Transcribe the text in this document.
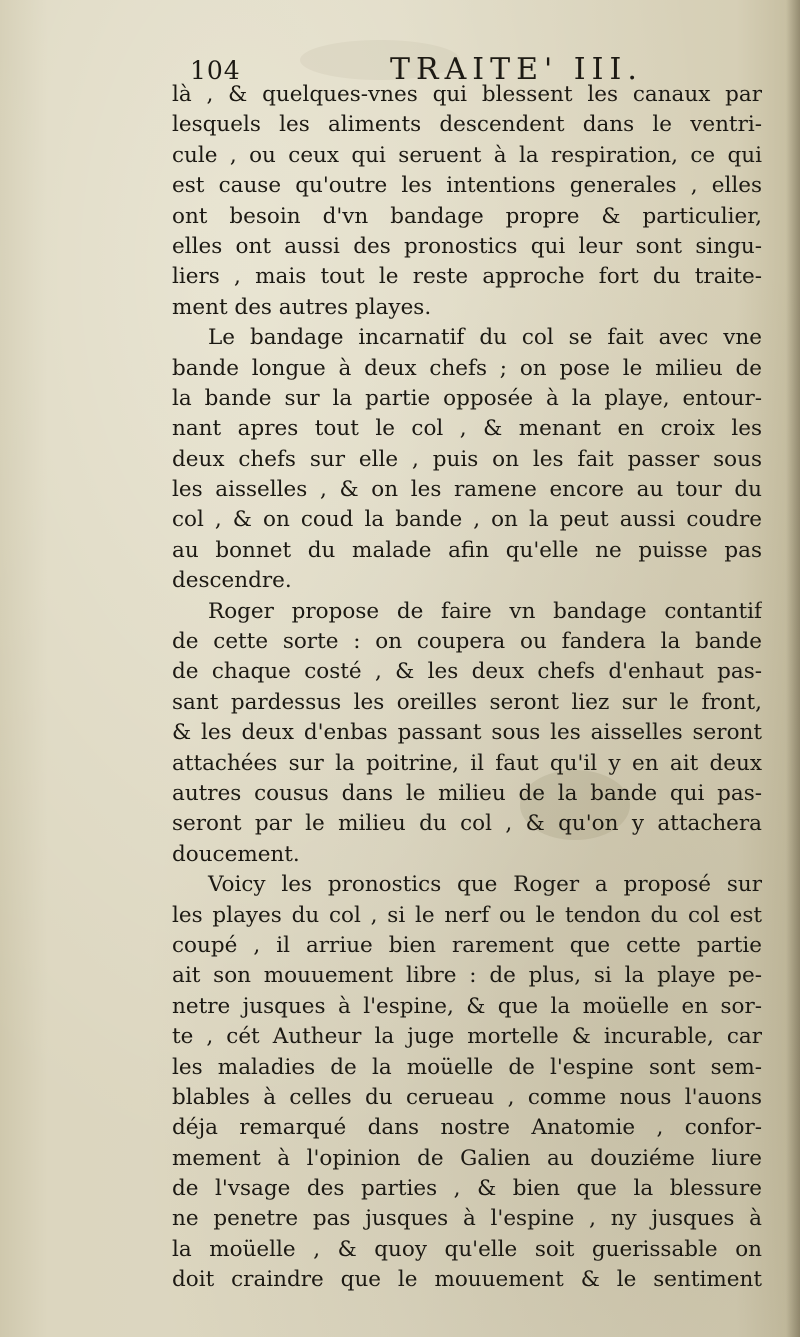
104	TRAITE' III.
là , & quelques-vnes qui blessent les canaux par
lesquels les aliments descendent dans le ventri-
cule , ou ceux qui seruent à la respiration, ce qui
est cause qu'outre les intentions generales , elles
ont besoin d'vn bandage propre & particulier,
elles ont aussi des pronostics qui leur sont singu-
liers , mais tout le reste approche fort du traite-
ment des autres playes.
Le bandage incarnatif du col se fait avec vne
bande longue à deux chefs ; on pose le milieu de
la bande sur la partie opposée à la playe, entour-
nant apres tout le col , & menant en croix les
deux chefs sur elle , puis on les fait passer sous
les aisselles , & on les ramene encore au tour du
col , & on coud la bande , on la peut aussi coudre
au bonnet du malade afin qu'elle ne puisse pas
descendre.
Roger propose de faire vn bandage contantif
de cette sorte : on coupera ou fandera la bande
de chaque costé , & les deux chefs d'enhaut pas-
sant pardessus les oreilles seront liez sur le front,
& les deux d'enbas passant sous les aisselles seront
attachées sur la poitrine, il faut qu'il y en ait deux
autres cousus dans le milieu de la bande qui pas-
seront par le milieu du col , & qu'on y attachera
doucement.
Voicy les pronostics que Roger a proposé sur
les playes du col , si le nerf ou le tendon du col est
coupé , il arriue bien rarement que cette partie
ait son mouuement libre : de plus, si la playe pe-
netre jusques à l'espine, & que la moüelle en sor-
te , cét Autheur la juge mortelle & incurable, car
les maladies de la moüelle de l'espine sont sem-
blables à celles du cerueau , comme nous l'auons
déja remarqué dans nostre Anatomie , confor-
mement à l'opinion de Galien au douziéme liure
de l'vsage des parties , & bien que la blessure
ne penetre pas jusques à l'espine , ny jusques à
la moüelle , & quoy qu'elle soit guerissable on
doit craindre que le mouuement & le sentiment
